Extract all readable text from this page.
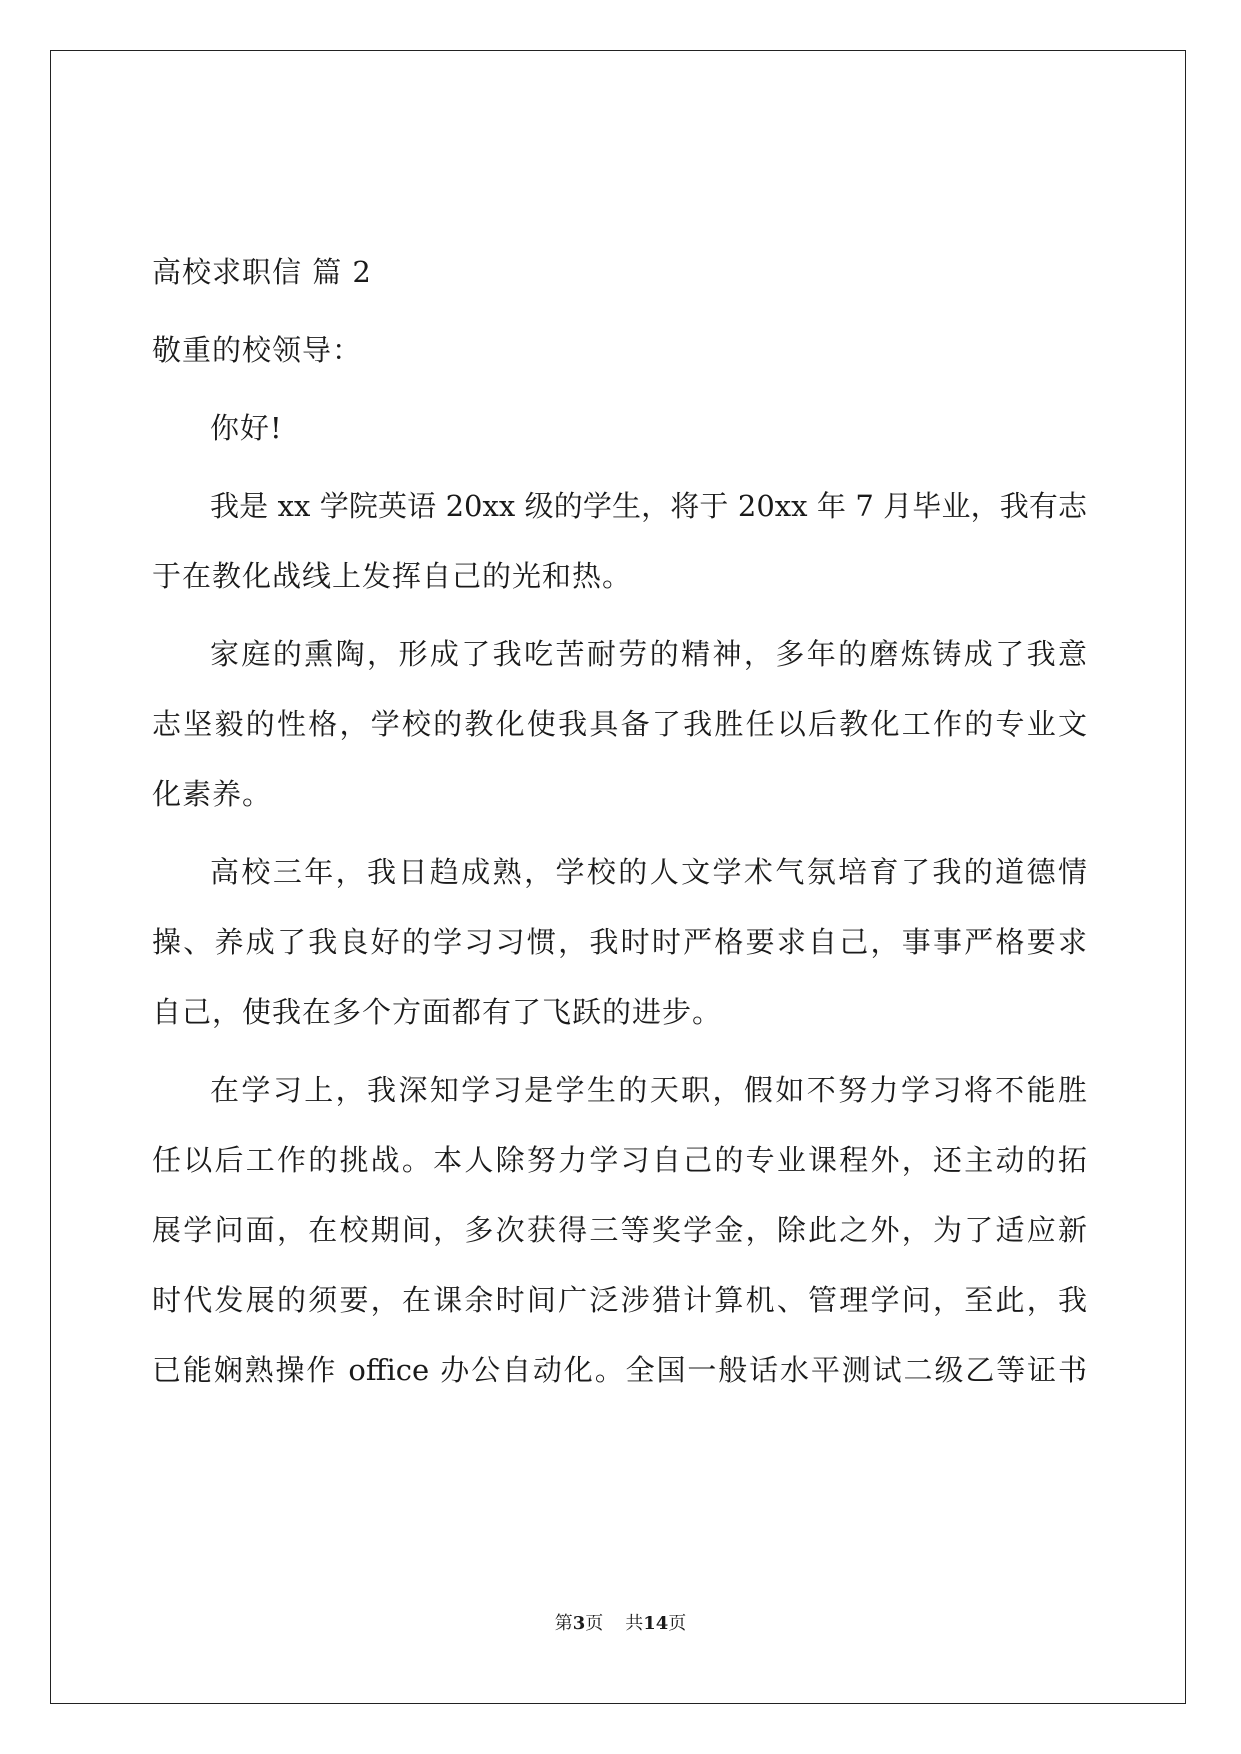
高校求职信 篇 2
敬重的校领导：
你好!
我是 xx 学院英语 20xx 级的学生，将于 20xx 年 7 月毕业，我有志
于在教化战线上发挥自己的光和热。
家庭的熏陶，形成了我吃苦耐劳的精神，多年的磨炼铸成了我意
志坚毅的性格，学校的教化使我具备了我胜任以后教化工作的专业文
化素养。
高校三年，我日趋成熟，学校的人文学术气氛培育了我的道德情
操、养成了我良好的学习习惯，我时时严格要求自己，事事严格要求
自己，使我在多个方面都有了飞跃的进步。
在学习上，我深知学习是学生的天职，假如不努力学习将不能胜
任以后工作的挑战。本人除努力学习自己的专业课程外，还主动的拓
展学问面，在校期间，多次获得三等奖学金，除此之外，为了适应新
时代发展的须要，在课余时间广泛涉猎计算机、管理学问，至此，我
已能娴熟操作 office 办公自动化。全国一般话水平测试二级乙等证书
第3页 共14页
